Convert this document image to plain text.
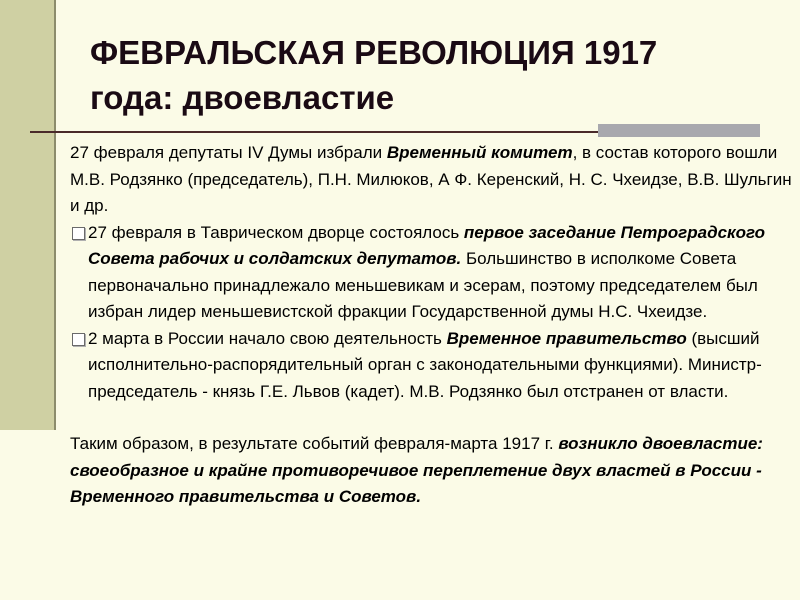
ФЕВРАЛЬСКАЯ РЕВОЛЮЦИЯ 1917
года: двоевластие

27 февраля депутаты IV Думы избрали Временный комитет, в состав которого вошли М.В. Родзянко (председатель), П.Н. Милюков, А Ф. Керенский, Н. С. Чхеидзе, В.В. Шульгин и др.

27 февраля в Таврическом дворце состоялось первое заседание Петроградского Совета рабочих и солдатских депутатов. Большинство в исполкоме Совета первоначально принадлежало меньшевикам и эсерам, поэтому председателем был избран лидер меньшевистской фракции Государственной думы Н.С. Чхеидзе.

2 марта в России начало свою деятельность Временное правительство (высший исполнительно-распорядительный орган с законодательными функциями). Министр-председатель - князь Г.Е. Львов (кадет). М.В. Родзянко был отстранен от власти.

Таким образом, в результате событий февраля-марта 1917 г. возникло двоевластие: своеобразное и крайне противоречивое переплетение двух властей в России - Временного правительства и Советов.
